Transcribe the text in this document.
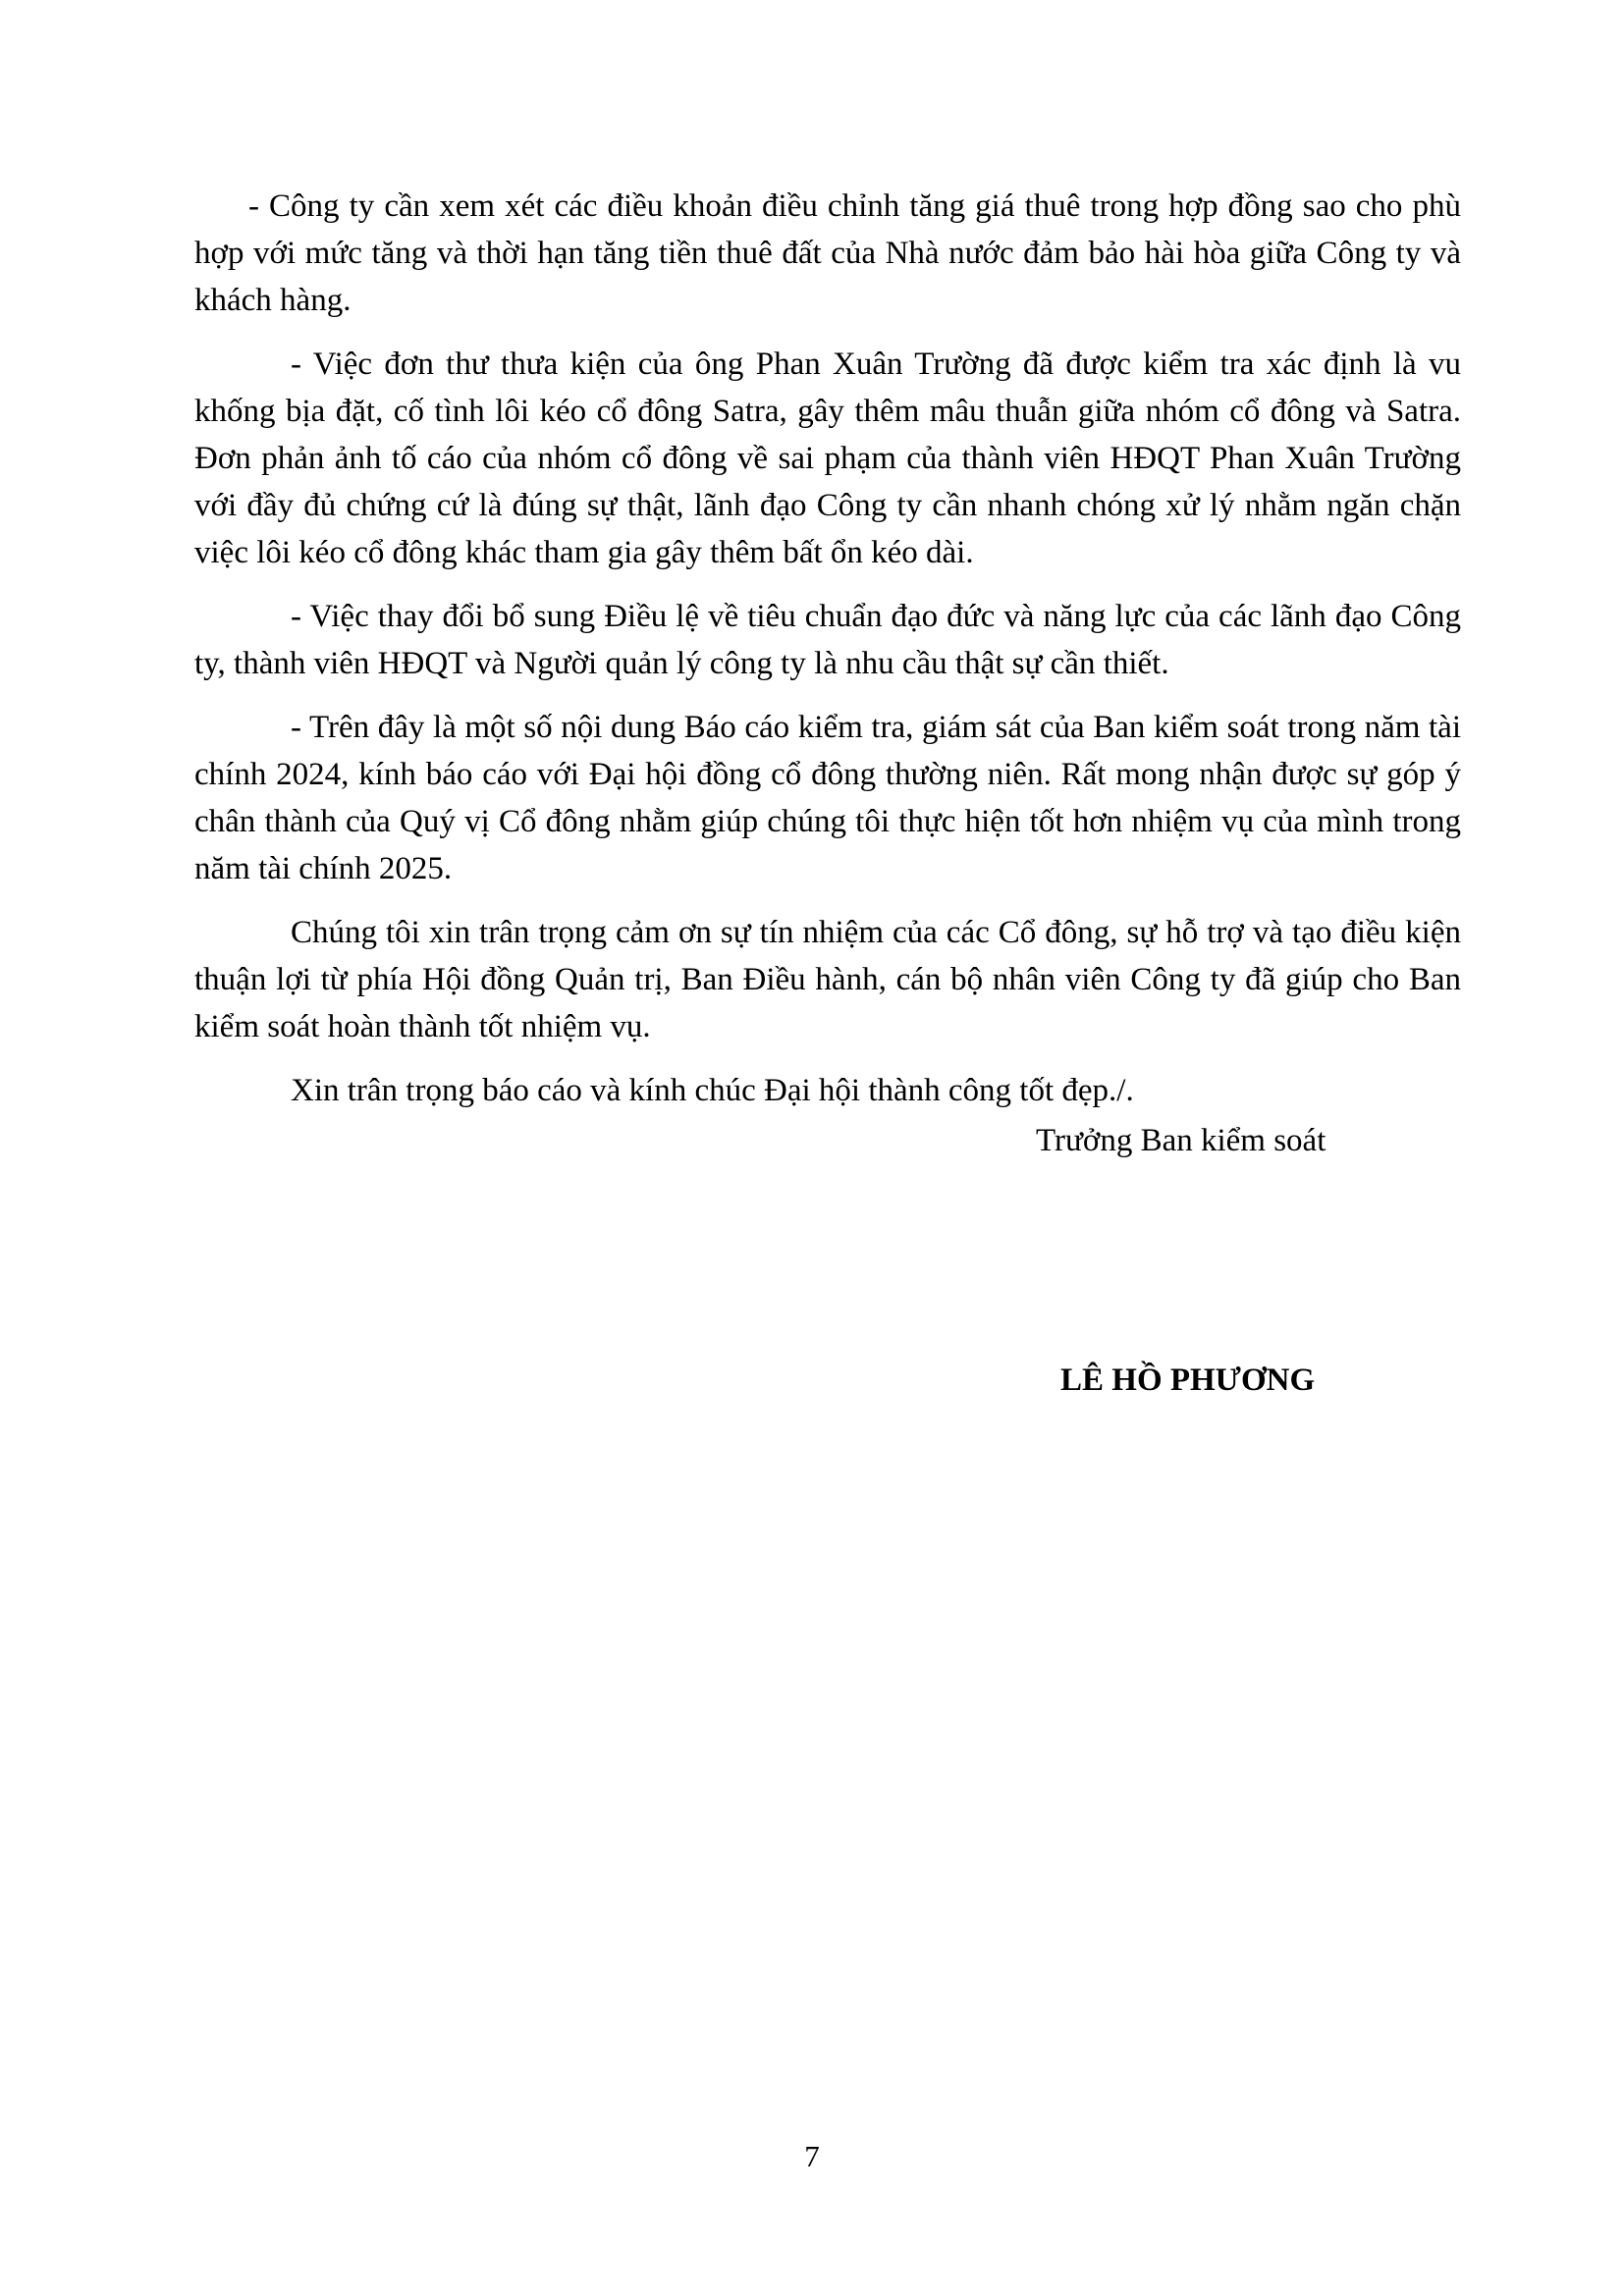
- Công ty cần xem xét các điều khoản điều chỉnh tăng giá thuê trong hợp đồng sao cho phù hợp với mức tăng và thời hạn tăng tiền thuê đất của Nhà nước đảm bảo hài hòa giữa Công ty và khách hàng.

- Việc đơn thư thưa kiện của ông Phan Xuân Trường đã được kiểm tra xác định là vu khống bịa đặt, cố tình lôi kéo cổ đông Satra, gây thêm mâu thuẫn giữa nhóm cổ đông và Satra. Đơn phản ảnh tố cáo của nhóm cổ đông về sai phạm của thành viên HĐQT Phan Xuân Trường với đầy đủ chứng cứ là đúng sự thật, lãnh đạo Công ty cần nhanh chóng xử lý nhằm ngăn chặn việc lôi kéo cổ đông khác tham gia gây thêm bất ổn kéo dài.

- Việc thay đổi bổ sung Điều lệ về tiêu chuẩn đạo đức và năng lực của các lãnh đạo Công ty, thành viên HĐQT và Người quản lý công ty là nhu cầu thật sự cần thiết.

- Trên đây là một số nội dung Báo cáo kiểm tra, giám sát của Ban kiểm soát trong năm tài chính 2024, kính báo cáo với Đại hội đồng cổ đông thường niên. Rất mong nhận được sự góp ý chân thành của Quý vị Cổ đông nhằm giúp chúng tôi thực hiện tốt hơn nhiệm vụ của mình trong năm tài chính 2025.

Chúng tôi xin trân trọng cảm ơn sự tín nhiệm của các Cổ đông, sự hỗ trợ và tạo điều kiện thuận lợi từ phía Hội đồng Quản trị, Ban Điều hành, cán bộ nhân viên Công ty đã giúp cho Ban kiểm soát hoàn thành tốt nhiệm vụ.

Xin trân trọng báo cáo và kính chúc Đại hội thành công tốt đẹp./.

Trưởng Ban kiểm soát

LÊ HỒ PHƯƠNG

7
